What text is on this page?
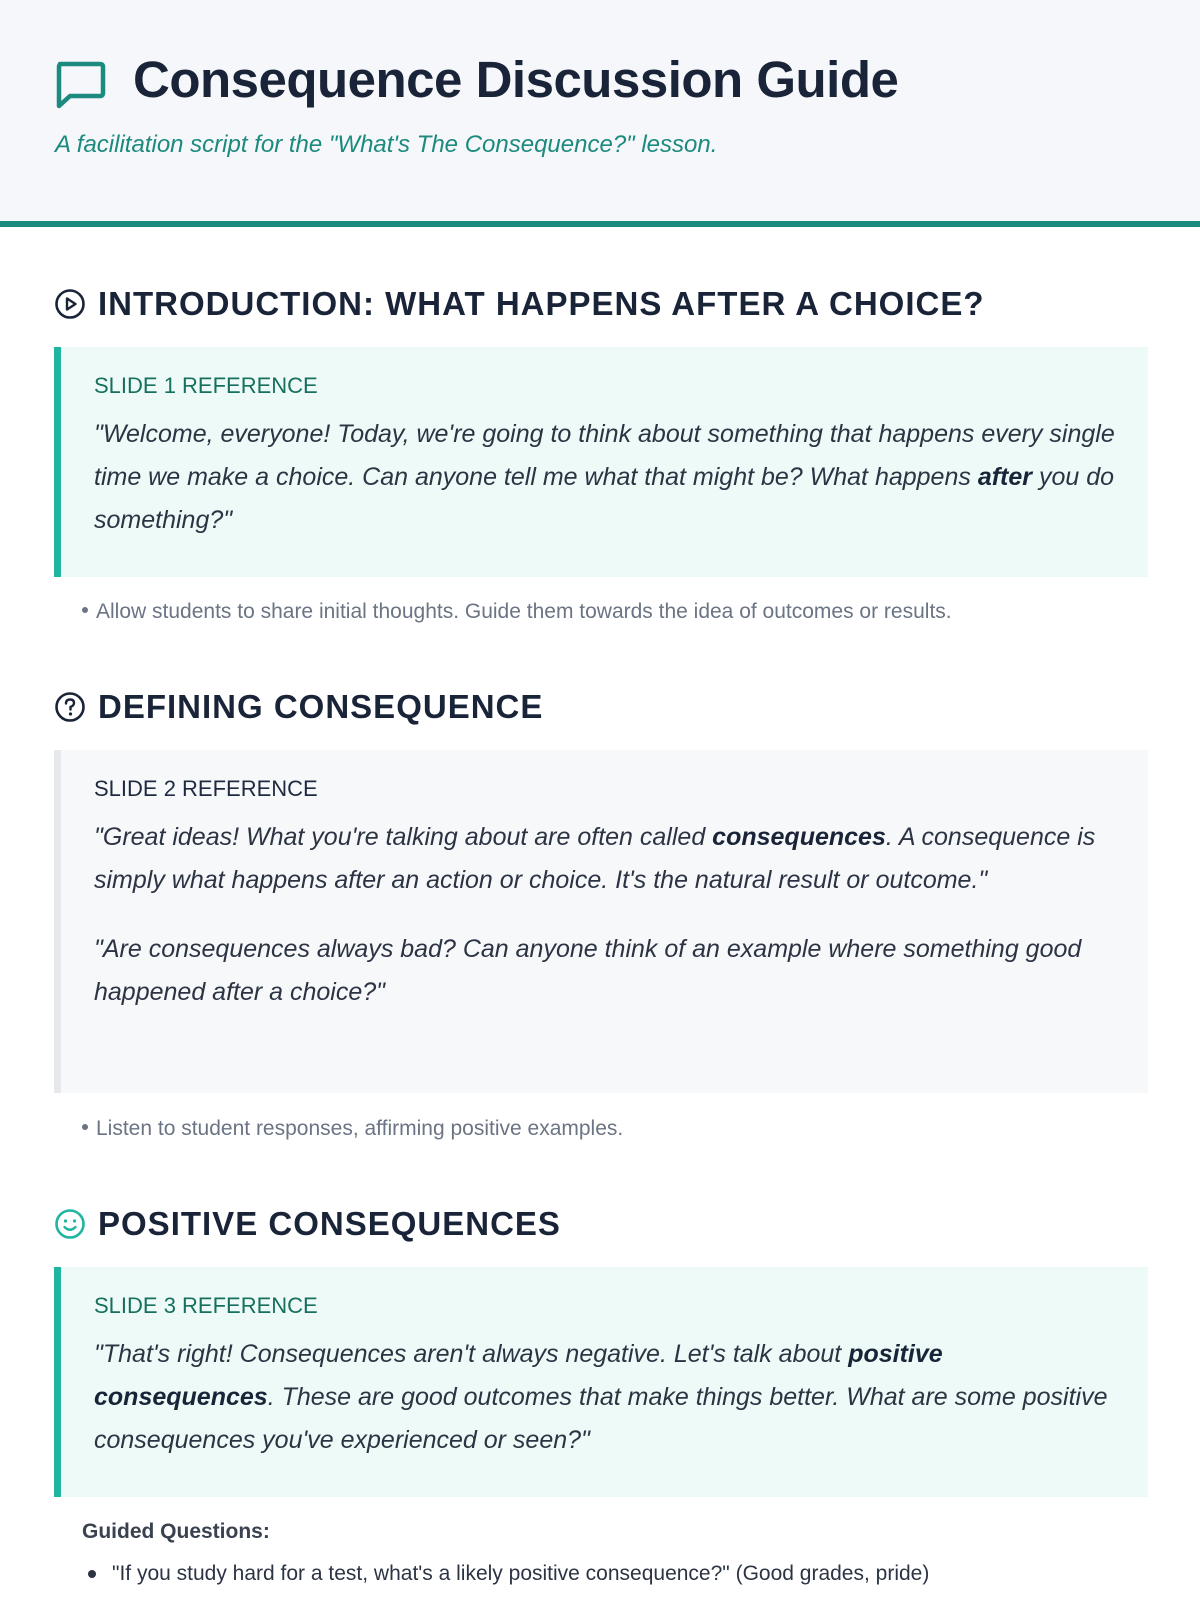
Consequence Discussion Guide

A facilitation script for the "What's The Consequence?" lesson.

INTRODUCTION: WHAT HAPPENS AFTER A CHOICE?
SLIDE 1 REFERENCE

"Welcome, everyone! Today, we're going to think about something that happens every single time we make a choice. Can anyone tell me what that might be? What happens after you do something?"

Allow students to share initial thoughts. Guide them towards the idea of outcomes or results.

DEFINING CONSEQUENCE
SLIDE 2 REFERENCE

"Great ideas! What you're talking about are often called consequences. A consequence is simply what happens after an action or choice. It's the natural result or outcome."

"Are consequences always bad? Can anyone think of an example where something good happened after a choice?"

Listen to student responses, affirming positive examples.

POSITIVE CONSEQUENCES
SLIDE 3 REFERENCE

"That's right! Consequences aren't always negative. Let's talk about positive consequences. These are good outcomes that make things better. What are some positive consequences you've experienced or seen?"

Guided Questions:
"If you study hard for a test, what's a likely positive consequence?" (Good grades, pride)
